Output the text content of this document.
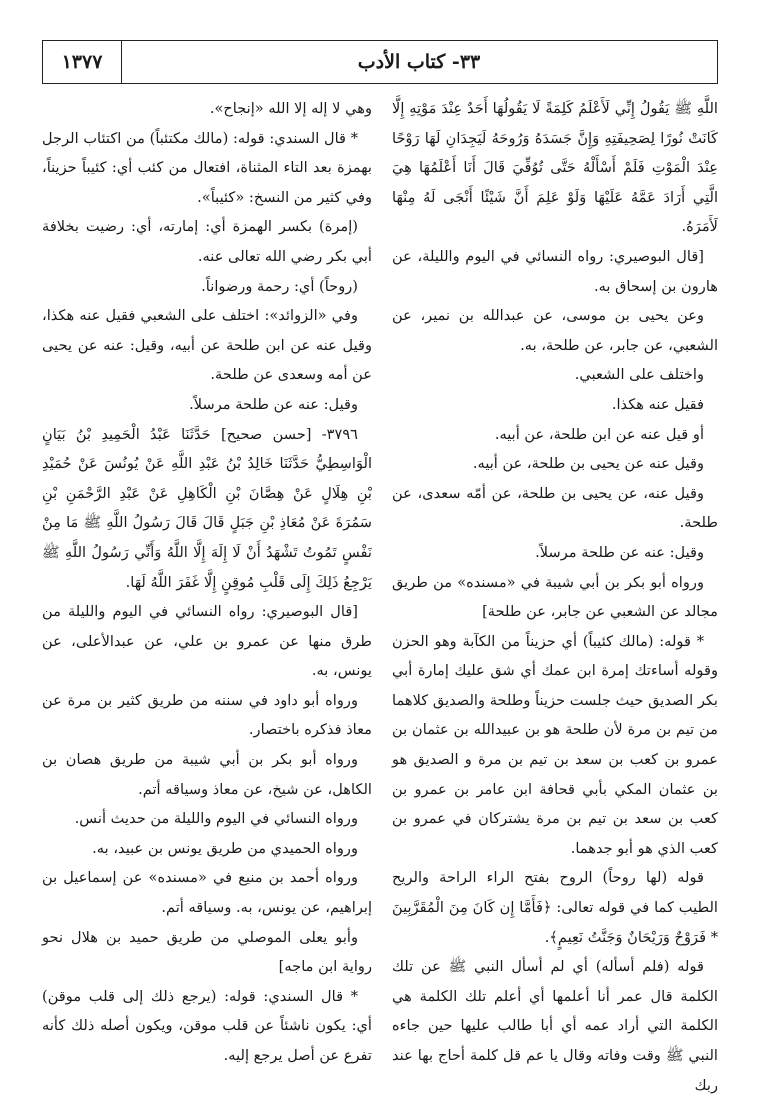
١٣٧٧	٣٣- كتاب الأدب

اللَّهِ ﷺ يَقُولُ إِنِّي لَأَعْلَمُ كَلِمَةً لَا يَقُولُهَا أَحَدٌ عِنْدَ مَوْتِهِ إِلَّا كَانَتْ نُورًا لِصَحِيفَتِهِ وَإِنَّ جَسَدَهُ وَرُوحَهُ لَيَجِدَانِ لَهَا رَوْحًا عِنْدَ الْمَوْتِ فَلَمْ أَسْأَلْهُ حَتَّى تُوُفِّيَ قَالَ أَنَا أَعْلَمُهَا هِيَ الَّتِي أَرَادَ عَمَّهُ عَلَيْهَا وَلَوْ عَلِمَ أَنَّ شَيْئًا أَنْجَى لَهُ مِنْهَا لَأَمَرَهُ.

[قال البوصيري: رواه النسائي في اليوم والليلة، عن هارون بن إسحاق به.

وعن يحيى بن موسى، عن عبدالله بن نمير، عن الشعبي، عن جابر، عن طلحة، به.

واختلف على الشعبي.

فقيل عنه هكذا.

أو قيل عنه عن ابن طلحة، عن أبيه.

وقيل عنه عن يحيى بن طلحة، عن أبيه.

وقيل عنه، عن يحيى بن طلحة، عن أمّه سعدى، عن طلحة.

وقيل: عنه عن طلحة مرسلاً.

ورواه أبو بكر بن أبي شيبة في «مسنده» من طريق مجالد عن الشعبي عن جابر، عن طلحة]

* قوله: (مالك كئيباً) أي حزيناً من الكآبة وهو الحزن وقوله أساءتك إمرة ابن عمك أي شق عليك إمارة أبي بكر الصديق حيث جلست حزيناً وطلحة والصديق كلاهما من تيم بن مرة لأن طلحة هو بن عبيدالله بن عثمان بن عمرو بن كعب بن سعد بن تيم بن مرة و الصديق هو بن عثمان المكي بأبي قحافة ابن عامر بن عمرو بن كعب بن سعد بن تيم بن مرة يشتركان في عمرو بن كعب الذي هو أبو جدهما.

قوله (لها روحاً) الروح بفتح الراء الراحة والريح الطيب كما في قوله تعالى: ﴿فَأَمَّا إِن كَانَ مِنَ الْمُقَرَّبِينَ * فَرَوْحٌ وَرَيْحَانٌ وَجَنَّتُ نَعِيمٍ﴾.

قوله (فلم أسأله) أي لم أسأل النبي ﷺ عن تلك الكلمة قال عمر أنا أعلمها أي أعلم تلك الكلمة هي الكلمة التي أراد عمه أي أبا طالب عليها حين جاءه النبي ﷺ وقت وفاته وقال يا عم قل كلمة أحاج بها عند ربك

وهي لا إله إلا الله «إنجاح».

* قال السندي: قوله: (مالك مكتئباً) من اكتئاب الرجل بهمزة بعد التاء المثناة، افتعال من كئب أي: كئيباً حزيناً، وفي كثير من النسخ: «كئيباً».

(إمرة) بكسر الهمزة أي: إمارته، أي: رضيت بخلافة أبي بكر رضي الله تعالى عنه.

(روحاً) أي: رحمة ورضواناً.

وفي «الزوائد»: اختلف على الشعبي فقيل عنه هكذا، وقيل عنه عن ابن طلحة عن أبيه، وقيل: عنه عن يحيى عن أمه وسعدى عن طلحة.

وقيل: عنه عن طلحة مرسلاً.

٣٧٩٦- [حسن صحيح] حَدَّثَنَا عَبْدُ الْحَمِيدِ بْنُ بَيَانٍ الْوَاسِطِيُّ حَدَّثَنَا خَالِدُ بْنُ عَبْدِ اللَّهِ عَنْ يُونُسَ عَنْ حُمَيْدِ بْنِ هِلَالٍ عَنْ هِصَّانَ بْنِ الْكَاهِلِ عَنْ عَبْدِ الرَّحْمَنِ بْنِ سَمُرَةَ عَنْ مُعَاذِ بْنِ جَبَلٍ قَالَ قَالَ رَسُولُ اللَّهِ ﷺ مَا مِنْ نَفْسٍ تَمُوتُ تَشْهَدُ أَنْ لَا إِلَهَ إِلَّا اللَّهُ وَأَنِّي رَسُولُ اللَّهِ ﷺ يَرْجِعُ ذَلِكَ إِلَى قَلْبِ مُوقِنٍ إِلَّا غَفَرَ اللَّهُ لَهَا.

[قال البوصيري: رواه النسائي في اليوم والليلة من طرق منها عن عمرو بن علي، عن عبدالأعلى، عن يونس، به.

ورواه أبو داود في سننه من طريق كثير بن مرة عن معاذ فذكره باختصار.

ورواه أبو بكر بن أبي شيبة من طريق هصان بن الكاهل، عن شيخ، عن معاذ وسياقه أتم.

ورواه النسائي في اليوم والليلة من حديث أنس.

ورواه الحميدي من طريق يونس بن عبيد، به.

ورواه أحمد بن منيع في «مسنده» عن إسماعيل بن إبراهيم، عن يونس، به. وسياقه أتم.

وأبو يعلى الموصلي من طريق حميد بن هلال نحو رواية ابن ماجه]

* قال السندي: قوله: (يرجع ذلك إلى قلب موقن) أي: يكون ناشئاً عن قلب موقن، ويكون أصله ذلك كأنه تفرع عن أصل يرجع إليه.
